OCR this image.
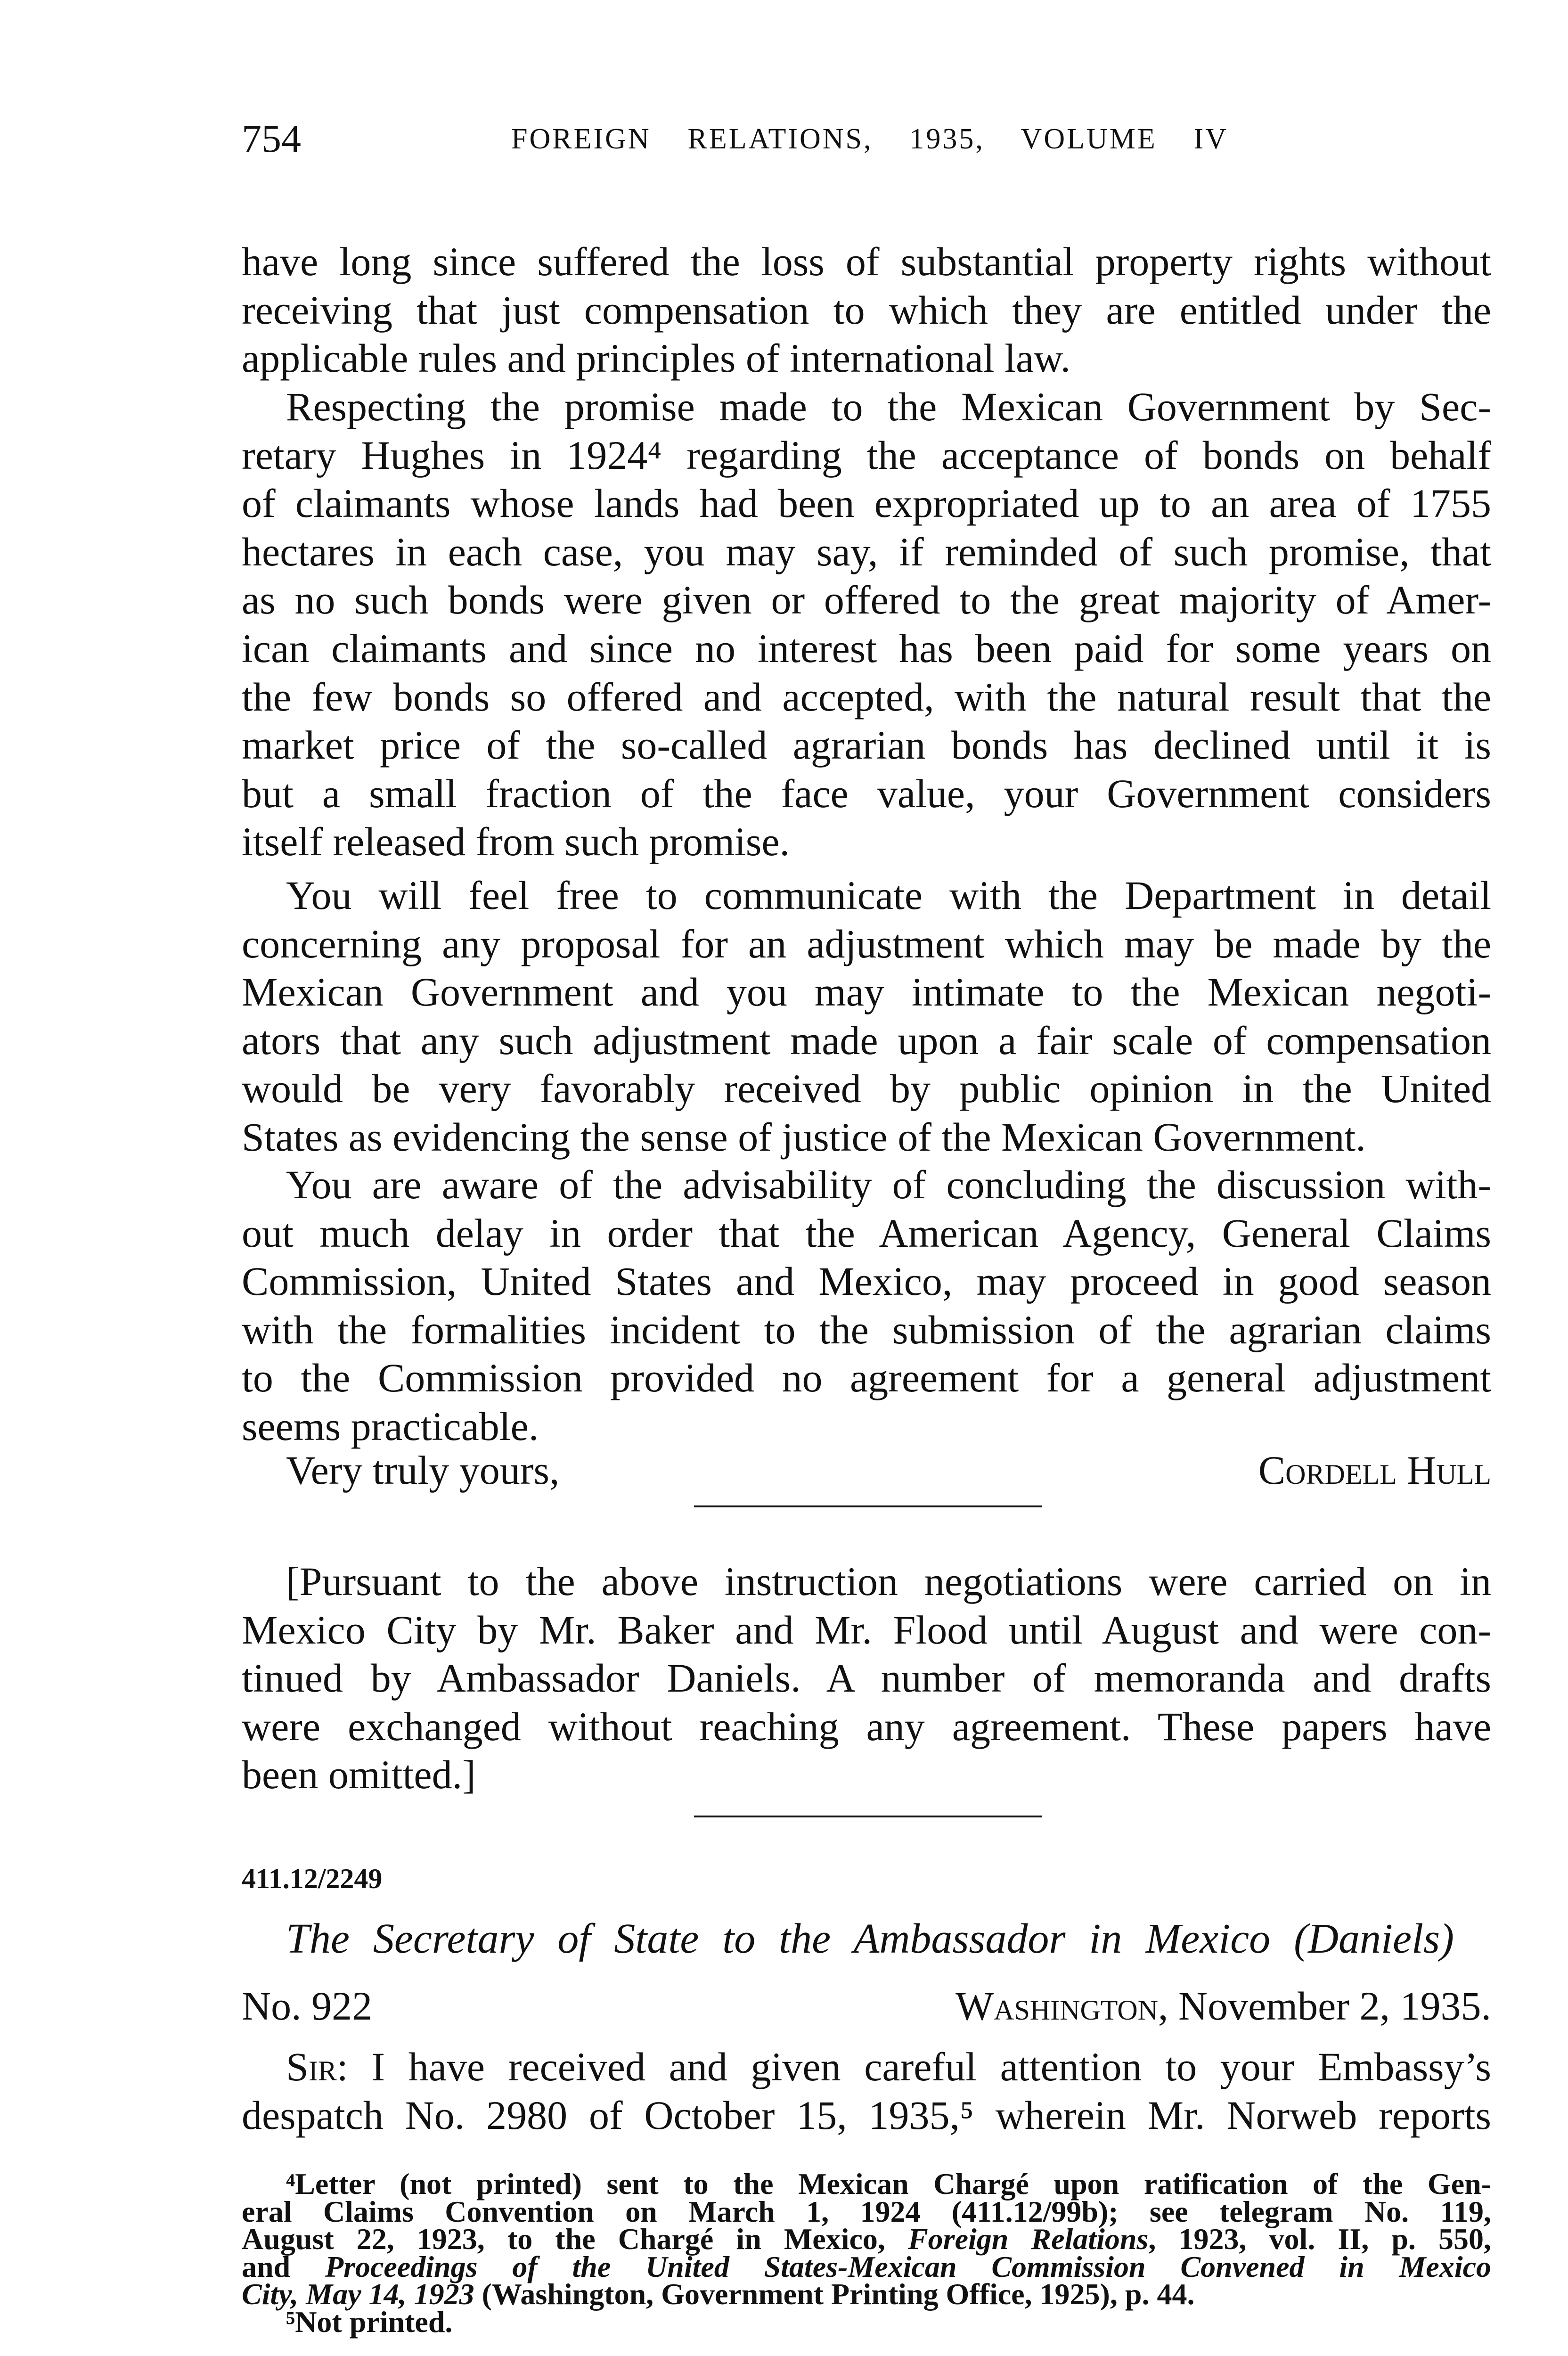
754	FOREIGN RELATIONS, 1935, VOLUME IV
have long since suffered the loss of substantial property rights without
receiving that just compensation to which they are entitled under the
applicable rules and principles of international law.
Respecting the promise made to the Mexican Government by Sec-
retary Hughes in 1924⁴ regarding the acceptance of bonds on behalf
of claimants whose lands had been expropriated up to an area of 1755
hectares in each case, you may say, if reminded of such promise, that
as no such bonds were given or offered to the great majority of Amer-
ican claimants and since no interest has been paid for some years on
the few bonds so offered and accepted, with the natural result that the
market price of the so-called agrarian bonds has declined until it is
but a small fraction of the face value, your Government considers
itself released from such promise.
You will feel free to communicate with the Department in detail
concerning any proposal for an adjustment which may be made by the
Mexican Government and you may intimate to the Mexican negoti-
ators that any such adjustment made upon a fair scale of compensation
would be very favorably received by public opinion in the United
States as evidencing the sense of justice of the Mexican Government.
You are aware of the advisability of concluding the discussion with-
out much delay in order that the American Agency, General Claims
Commission, United States and Mexico, may proceed in good season
with the formalities incident to the submission of the agrarian claims
to the Commission provided no agreement for a general adjustment
seems practicable.
Very truly yours,	Cordell Hull
[Pursuant to the above instruction negotiations were carried on in
Mexico City by Mr. Baker and Mr. Flood until August and were con-
tinued by Ambassador Daniels. A number of memoranda and drafts
were exchanged without reaching any agreement. These papers have
been omitted.]
411.12/2249
The Secretary of State to the Ambassador in Mexico (Daniels)
No. 922	Washington, November 2, 1935.
Sir: I have received and given careful attention to your Embassy’s
despatch No. 2980 of October 15, 1935,⁵ wherein Mr. Norweb reports
⁴Letter (not printed) sent to the Mexican Chargé upon ratification of the Gen-
eral Claims Convention on March 1, 1924 (411.12/99b); see telegram No. 119,
August 22, 1923, to the Chargé in Mexico, Foreign Relations, 1923, vol. II, p. 550,
and Proceedings of the United States-Mexican Commission Convened in Mexico
City, May 14, 1923 (Washington, Government Printing Office, 1925), p. 44.
⁵Not printed.
